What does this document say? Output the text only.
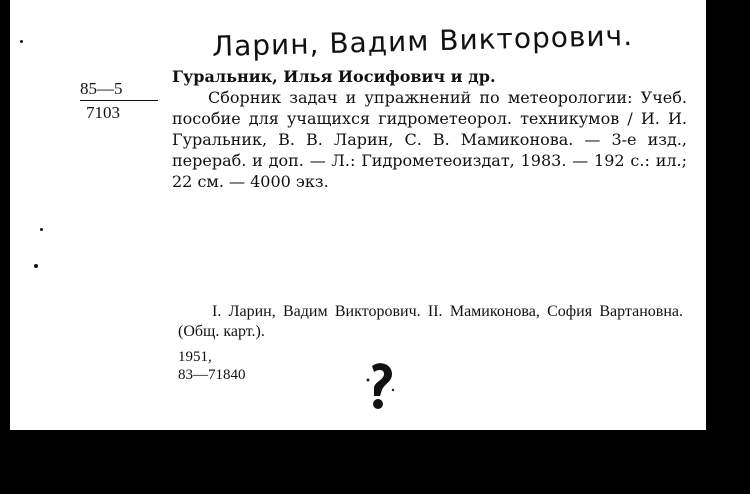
Ларин, Вадим Викторович.
85—5
7103
Гуральник, Илья Иосифович и др.
Сборник задач и упражнений по метеорологии: Учеб. пособие для учащихся гидрометеорол. техникумов / И. И. Гуральник, В. В. Ларин, С. В. Мамиконова. — 3-е изд., перераб. и доп. — Л.: Гидрометеоиздат, 1983. — 192 с.: ил.; 22 см. — 4000 экз.
I. Ларин, Вадим Викторович. II. Мамиконова, София Вартановна. (Общ. карт.).
1951,
83—71840
